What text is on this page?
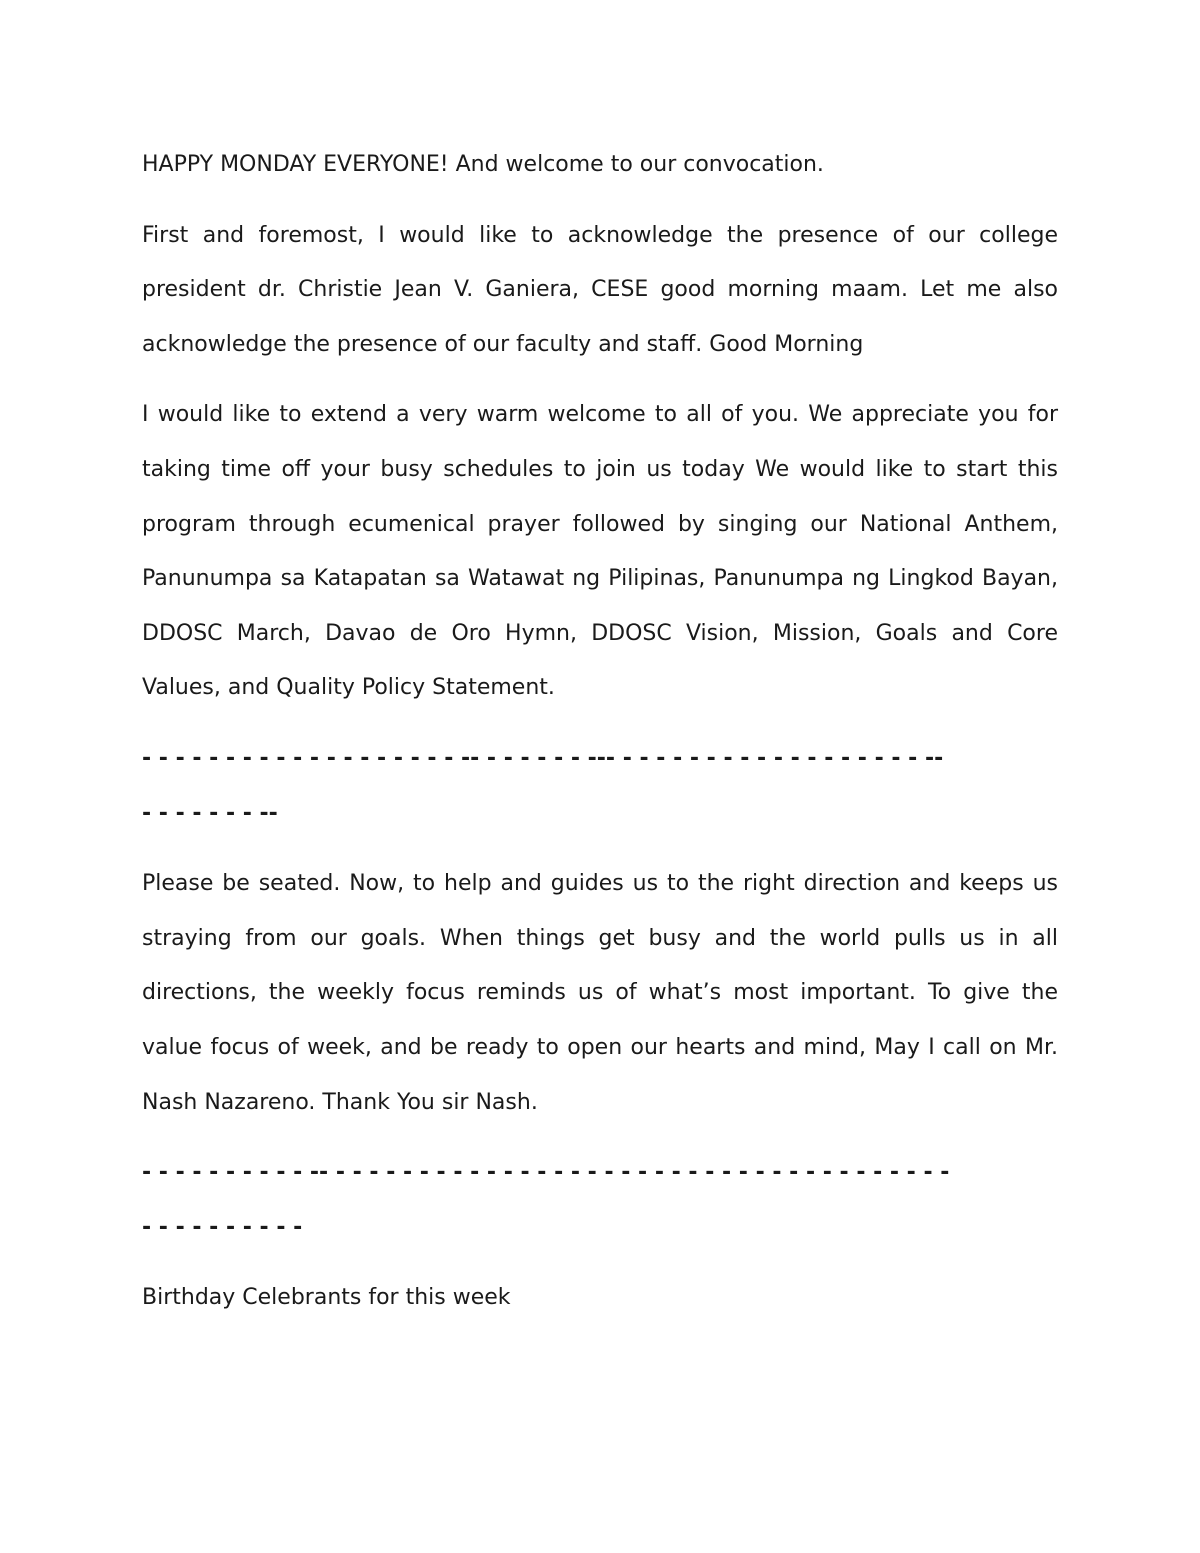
HAPPY MONDAY EVERYONE! And welcome to our convocation.

First and foremost, I would like to acknowledge the presence of our college president dr. Christie Jean V. Ganiera, CESE good morning maam. Let me also acknowledge the presence of our faculty and staff. Good Morning

I would like to extend a very warm welcome to all of you. We appreciate you for taking time off your busy schedules to join us today We would like to start this program through ecumenical prayer followed by singing our National Anthem, Panunumpa sa Katapatan sa Watawat ng Pilipinas, Panunumpa ng Lingkod Bayan, DDOSC March, Davao de Oro Hymn, DDOSC Vision, Mission, Goals and Core Values, and Quality Policy Statement.

- - - - - - - - - - - - - - - - - - - -- - - - - - - --- - - - - - - - - - - - - - - - - - - --

- - - - - - - --

Please be seated. Now, to help and guides us to the right direction and keeps us straying from our goals. When things get busy and the world pulls us in all directions, the weekly focus reminds us of what’s most important. To give the value focus of week, and be ready to open our hearts and mind, May I call on Mr. Nash Nazareno. Thank You sir Nash.

- - - - - - - - - - -- - - - - - - - - - - - - - - - - - - - - - - - - - - - - - - - - - - - - -

- - - - - - - - - -

Birthday Celebrants for this week
